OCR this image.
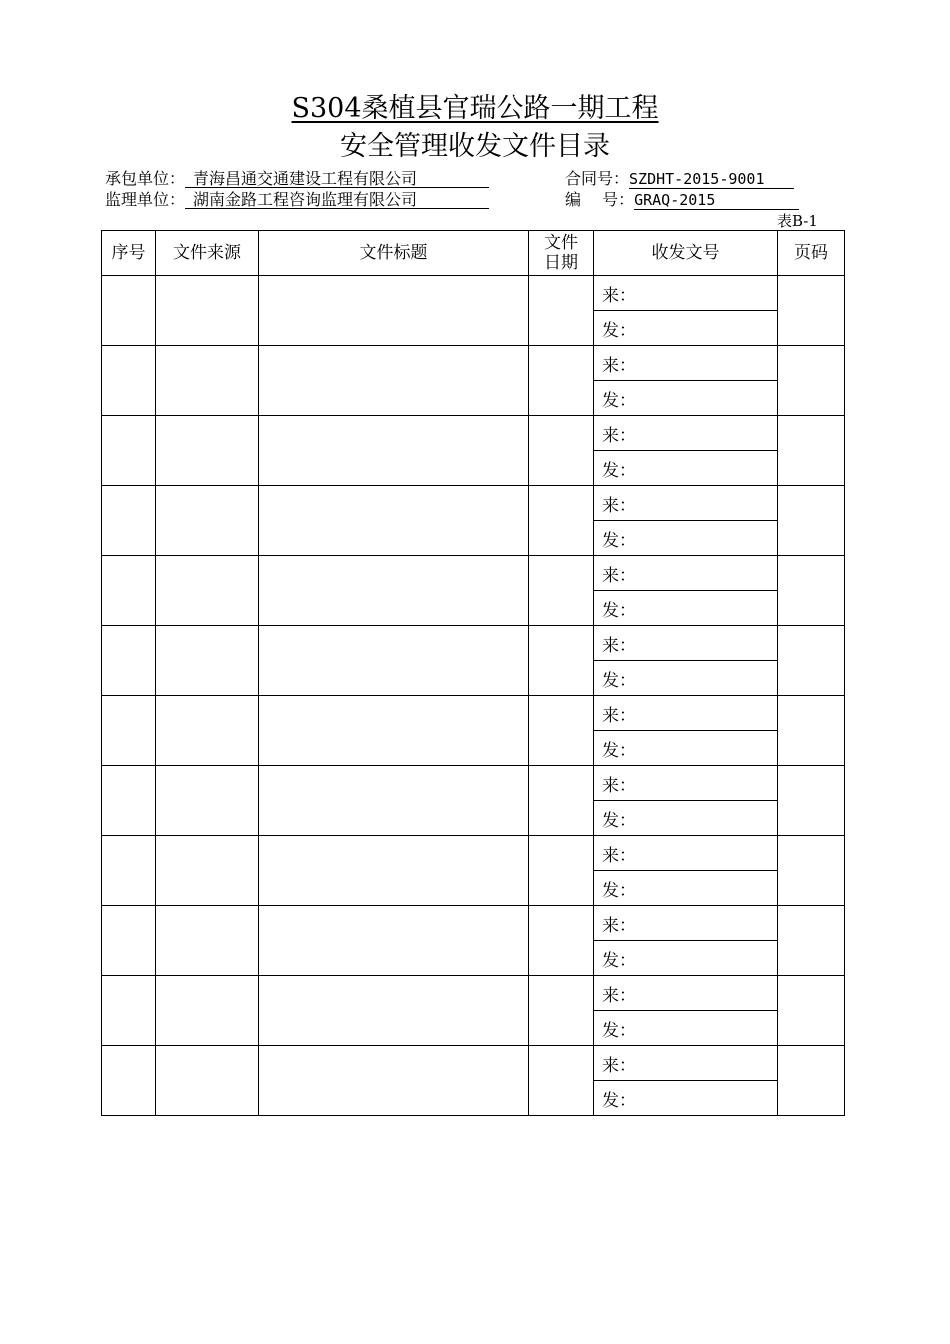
S304桑植县官瑞公路一期工程
安全管理收发文件目录
承包单位： 青海昌通交通建设工程有限公司	合同号：SZDHT-2015-9001
监理单位： 湖南金路工程咨询监理有限公司	编　 号：GRAQ-2015
表B-1
序号	文件来源	文件标题	文件日期	收发文号	页码
				来：	
				发：	
				来：	
				发：	
				来：	
				发：	
				来：	
				发：	
				来：	
				发：	
				来：	
				发：	
				来：	
				发：	
				来：	
				发：	
				来：	
				发：	
				来：	
				发：	
				来：	
				发：	
				来：	
				发：	
